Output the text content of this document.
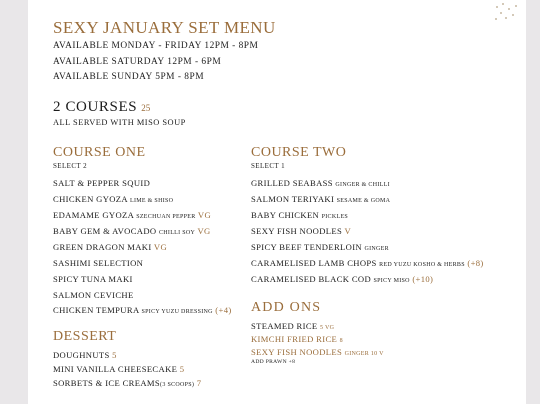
SEXY JANUARY SET MENU
AVAILABLE MONDAY - FRIDAY 12PM - 8PM
AVAILABLE SATURDAY 12PM - 6PM
AVAILABLE SUNDAY 5PM - 8PM
2 COURSES 25
ALL SERVED WITH MISO SOUP
COURSE ONE
SELECT 2
SALT & PEPPER SQUID
CHICKEN GYOZA LIME & SHISO
EDAMAME GYOZA SZECHUAN PEPPER VG
BABY GEM & AVOCADO CHILLI SOY VG
GREEN DRAGON MAKI VG
SASHIMI SELECTION
SPICY TUNA MAKI
SALMON CEVICHE
CHICKEN TEMPURA SPICY YUZU DRESSING (+4)
DESSERT
DOUGHNUTS 5
MINI VANILLA CHEESECAKE 5
SORBETS & ICE CREAMS(3 SCOOPS) 7
COURSE TWO
SELECT 1
GRILLED SEABASS GINGER & CHILLI
SALMON TERIYAKI SESAME & GOMA
BABY CHICKEN PICKLES
SEXY FISH NOODLES V
SPICY BEEF TENDERLOIN GINGER
CARAMELISED LAMB CHOPS RED YUZU KOSHO & HERBS (+8)
CARAMELISED BLACK COD SPICY MISO (+10)
ADD ONS
STEAMED RICE 5 VG
KIMCHI FRIED RICE 8
SEXY FISH NOODLES GINGER 10 V
ADD PRAWN +8
